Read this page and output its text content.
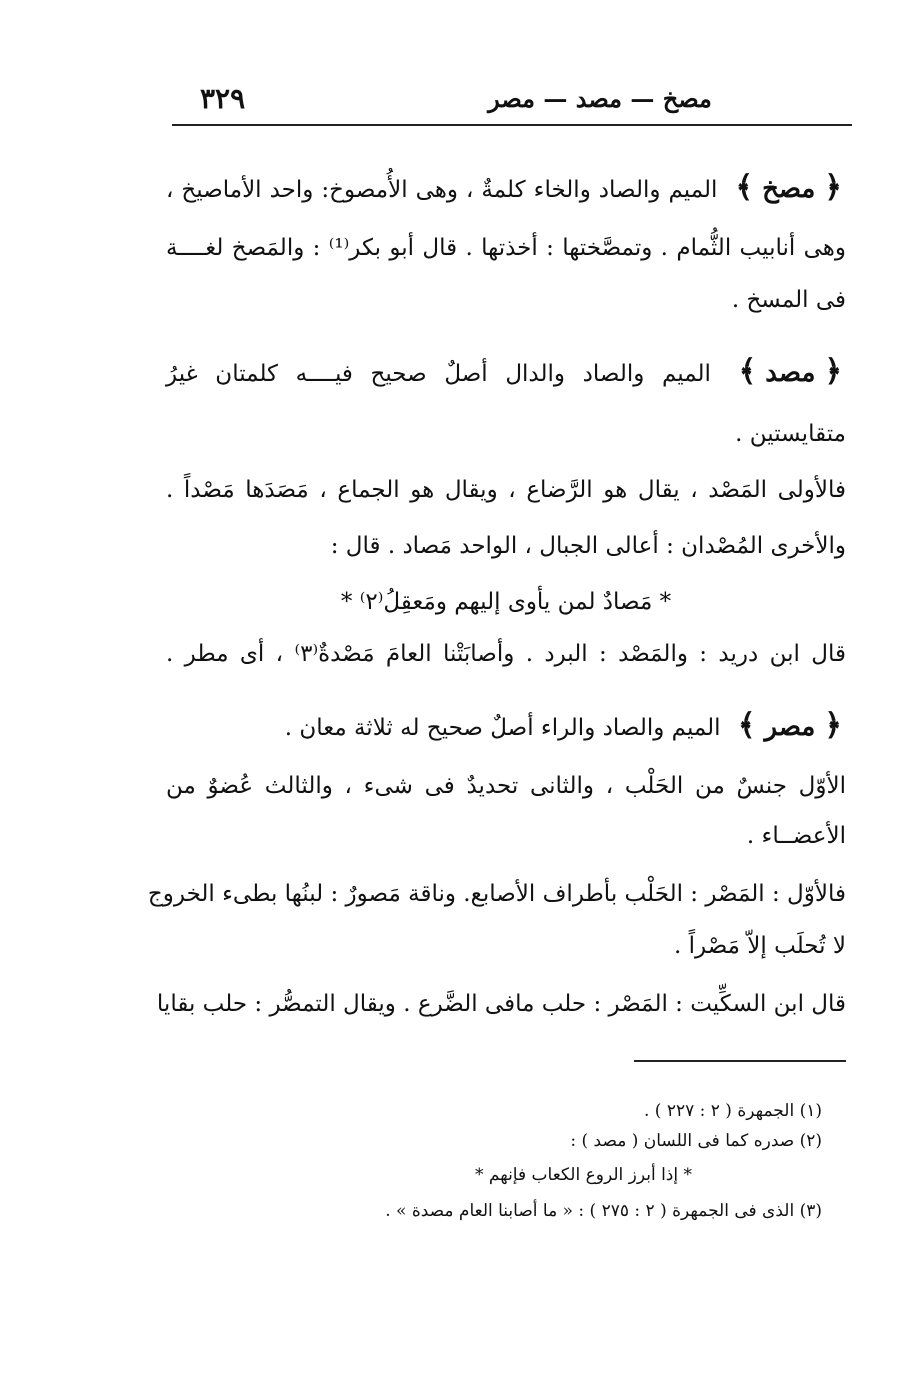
٣٢٩	مصخ — مصد — مصر
﴿ مصخ ﴾ الميم والصاد والخاء كلمةٌ ، وهى الأُمصوخ: واحد الأماصيخ ،
وهى أنابيب الثُّمام . وتمصَّختها : أخذتها . قال أبو بكر⁽¹⁾ : والمَصخ لغــــة
فى المسخ .
﴿ مصد ﴾ الميم والصاد والدال أصلٌ صحيح فيــــه كلمتان غيرُ
متقايستين .
فالأولى المَصْد ، يقال هو الرَّضاع ، ويقال هو الجماع ، مَصَدَها مَصْداً .
والأخرى المُصْدان : أعالى الجبال ، الواحد مَصاد . قال :
* مَصادٌ لمن يأوى إليهم ومَعقِلُ⁽٢⁾ *
قال ابن دريد : والمَصْد : البرد . وأصابَتْنا العامَ مَصْدةٌ⁽٣⁾ ، أى مطر .
﴿ مصر ﴾ الميم والصاد والراء أصلٌ صحيح له ثلاثة معان .
الأوّل جنسٌ من الحَلْب ، والثانى تحديدٌ فى شىء ، والثالث عُضوٌ من
الأعضــاء .
فالأوّل : المَصْر : الحَلْب بأطراف الأصابع. وناقة مَصورٌ : لبنُها بطىء الخروج
لا تُحلَب إلاّ مَصْراً .
قال ابن السكِّيت : المَصْر : حلب مافى الضَّرع . ويقال التمصُّر : حلب بقايا
(١) الجمهرة ( ٢ : ٢٢٧ ) .
(٢) صدره كما فى اللسان ( مصد ) :
* إذا أبرز الروع الكعاب فإنهم *
(٣) الذى فى الجمهرة ( ٢ : ٢٧٥ ) : « ما أصابنا العام مصدة » .
